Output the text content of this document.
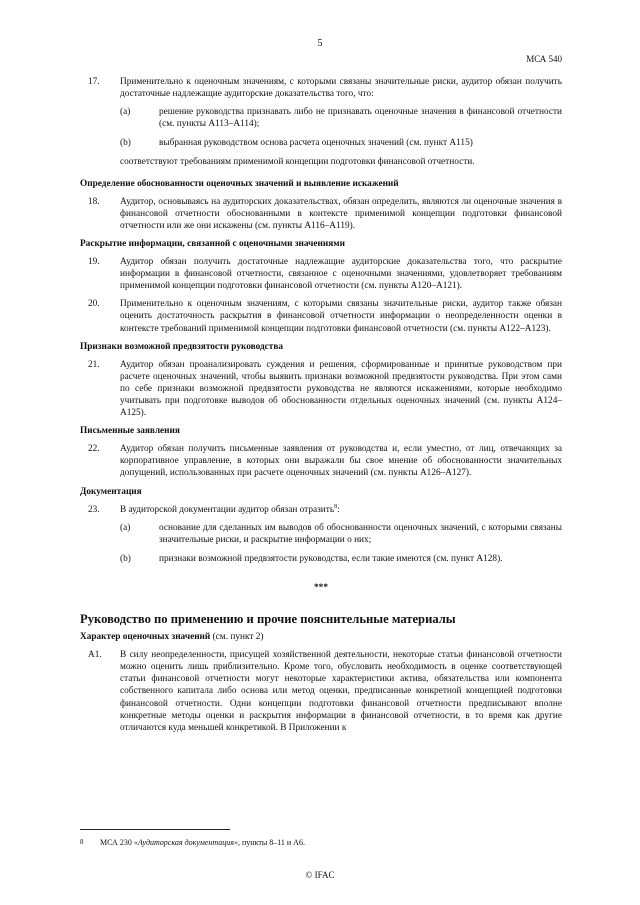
5
МСА 540
17.	Применительно к оценочным значениям, с которыми связаны значительные риски, аудитор обязан получить достаточные надлежащие аудиторские доказательства того, что:
(a)	решение руководства признавать либо не признавать оценочные значения в финансовой отчетности (см. пункты А113–А114);
(b)	выбранная руководством основа расчета оценочных значений (см. пункт А115)
соответствуют требованиям применимой концепции подготовки финансовой отчетности.
Определение обоснованности оценочных значений и выявление искажений
18.	Аудитор, основываясь на аудиторских доказательствах, обязан определить, являются ли оценочные значения в финансовой отчетности обоснованными в контексте применимой концепции подготовки финансовой отчетности или же они искажены (см. пункты А116–А119).
Раскрытие информации, связанной с оценочными значениями
19.	Аудитор обязан получить достаточные надлежащие аудиторские доказательства того, что раскрытие информации в финансовой отчетности, связанное с оценочными значениями, удовлетворяет требованиям применимой концепции подготовки финансовой отчетности (см. пункты А120–А121).
20.	Применительно к оценочным значениям, с которыми связаны значительные риски, аудитор также обязан оценить достаточность раскрытия в финансовой отчетности информации о неопределенности оценки в контексте требований применимой концепции подготовки финансовой отчетности (см. пункты А122–А123).
Признаки возможной предвзятости руководства
21.	Аудитор обязан проанализировать суждения и решения, сформированные и принятые руководством при расчете оценочных значений, чтобы выявить признаки возможной предвзятости руководства. При этом сами по себе признаки возможной предвзятости руководства не являются искажениями, которые необходимо учитывать при подготовке выводов об обоснованности отдельных оценочных значений (см. пункты А124–А125).
Письменные заявления
22.	Аудитор обязан получить письменные заявления от руководства и, если уместно, от лиц, отвечающих за корпоративное управление, в которых они выражали бы свое мнение об обоснованности значительных допущений, использованных при расчете оценочных значений (см. пункты А126–А127).
Документация
23.	В аудиторской документации аудитор обязан отразить$^8$:
(a)	основание для сделанных им выводов об обоснованности оценочных значений, с которыми связаны значительные риски, и раскрытие информации о них;
(b)	признаки возможной предвзятости руководства, если такие имеются (см. пункт А128).
***
Руководство по применению и прочие пояснительные материалы
Характер оценочных значений (см. пункт 2)
А1.	В силу неопределенности, присущей хозяйственной деятельности, некоторые статьи финансовой отчетности можно оценить лишь приблизительно. Кроме того, обусловить необходимость в оценке соответствующей статьи финансовой отчетности могут некоторые характеристики актива, обязательства или компонента собственного капитала либо основа или метод оценки, предписанные конкретной концепцией подготовки финансовой отчетности. Одни концепции подготовки финансовой отчетности предписывают вполне конкретные методы оценки и раскрытия информации в финансовой отчетности, в то время как другие отличаются куда меньшей конкретикой. В Приложении к
8	МСА 230 «Аудиторская документация», пункты 8–11 и А6.
© IFAC
